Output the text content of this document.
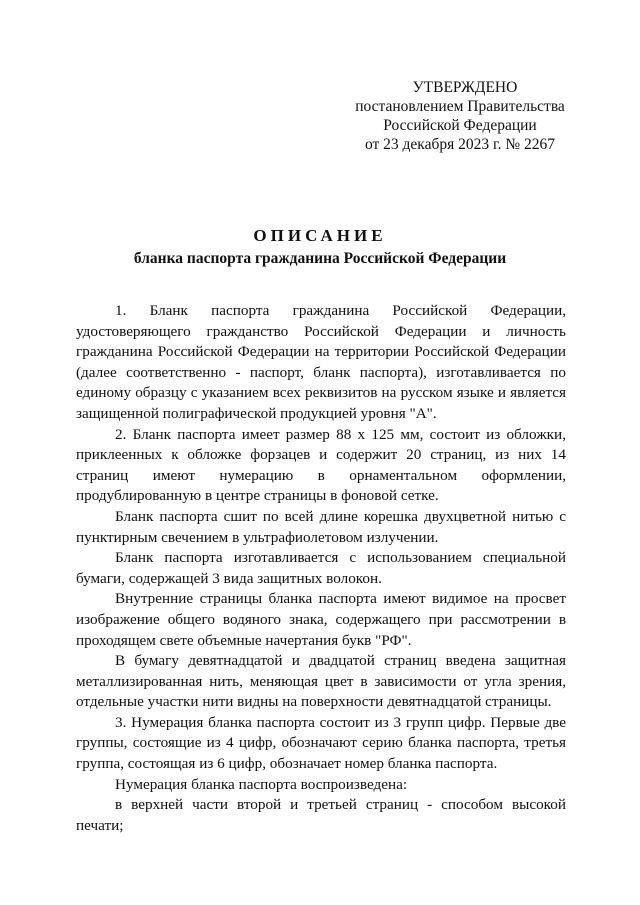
УТВЕРЖДЕНО
постановлением Правительства
Российской Федерации
от 23 декабря 2023 г. № 2267
ОПИСАНИЕ
бланка паспорта гражданина Российской Федерации

1. Бланк паспорта гражданина Российской Федерации, удостоверяющего гражданство Российской Федерации и личность гражданина Российской Федерации на территории Российской Федерации (далее соответственно - паспорт, бланк паспорта), изготавливается по единому образцу с указанием всех реквизитов на русском языке и является защищенной полиграфической продукцией уровня "А".

2. Бланк паспорта имеет размер 88 х 125 мм, состоит из обложки, приклеенных к обложке форзацев и содержит 20 страниц, из них 14 страниц имеют нумерацию в орнаментальном оформлении, продублированную в центре страницы в фоновой сетке.

Бланк паспорта сшит по всей длине корешка двухцветной нитью с пунктирным свечением в ультрафиолетовом излучении.

Бланк паспорта изготавливается с использованием специальной бумаги, содержащей 3 вида защитных волокон.

Внутренние страницы бланка паспорта имеют видимое на просвет изображение общего водяного знака, содержащего при рассмотрении в проходящем свете объемные начертания букв "РФ".

В бумагу девятнадцатой и двадцатой страниц введена защитная металлизированная нить, меняющая цвет в зависимости от угла зрения, отдельные участки нити видны на поверхности девятнадцатой страницы.

3. Нумерация бланка паспорта состоит из 3 групп цифр. Первые две группы, состоящие из 4 цифр, обозначают серию бланка паспорта, третья группа, состоящая из 6 цифр, обозначает номер бланка паспорта.

Нумерация бланка паспорта воспроизведена:

в верхней части второй и третьей страниц - способом высокой печати;
